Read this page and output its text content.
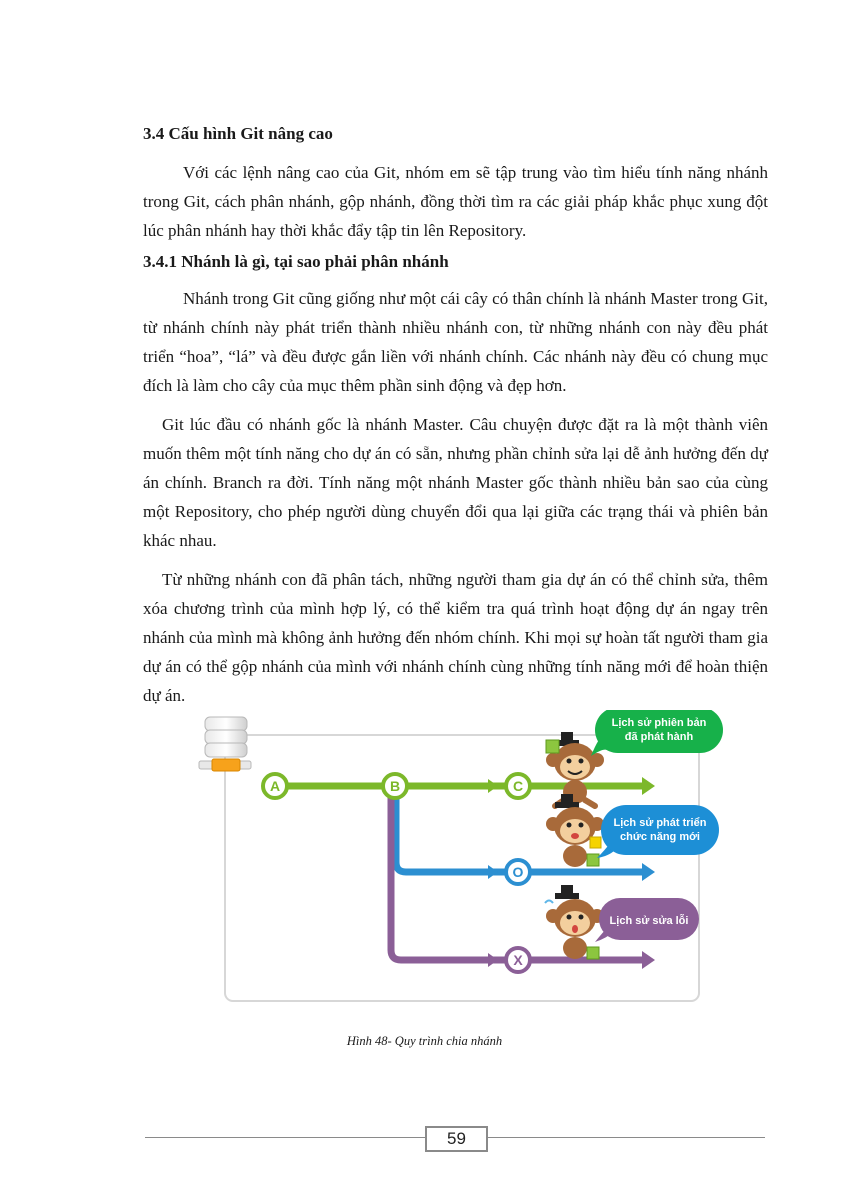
3.4 Cấu hình Git nâng cao

Với các lệnh nâng cao của Git, nhóm em sẽ tập trung vào tìm hiểu tính năng nhánh trong Git, cách phân nhánh, gộp nhánh, đồng thời tìm ra các giải pháp khắc phục xung đột lúc phân nhánh hay thời khắc đẩy tập tin lên Repository.

3.4.1 Nhánh là gì, tại sao phải phân nhánh

Nhánh trong Git cũng giống như một cái cây có thân chính là nhánh Master trong Git, từ nhánh chính này phát triển thành nhiều nhánh con, từ những nhánh con này đều phát triển “hoa”, “lá” và đều được gắn liền với nhánh chính. Các nhánh này đều có chung mục đích là làm cho cây của mục thêm phần sinh động và đẹp hơn.

Git lúc đầu có nhánh gốc là nhánh Master. Câu chuyện được đặt ra là một thành viên muốn thêm một tính năng cho dự án có sẵn, nhưng phần chỉnh sửa lại dễ ảnh hưởng đến dự án chính. Branch ra đời. Tính năng một nhánh Master gốc thành nhiều bản sao của cùng một Repository, cho phép người dùng chuyển đổi qua lại giữa các trạng thái và phiên bản khác nhau.

Từ những nhánh con đã phân tách, những người tham gia dự án có thể chỉnh sửa, thêm xóa chương trình của mình hợp lý, có thể kiểm tra quá trình hoạt động dự án ngay trên nhánh của mình mà không ảnh hưởng đến nhóm chính. Khi mọi sự hoàn tất người tham gia dự án có thể gộp nhánh của mình với nhánh chính cùng những tính năng mới để hoàn thiện dự án.

A	B	C
O
X
Lịch sử phiên bản
đã phát hành
Lịch sử phát triển
chức năng mới
Lịch sử sửa lỗi
Hình 48- Quy trình chia nhánh
59
